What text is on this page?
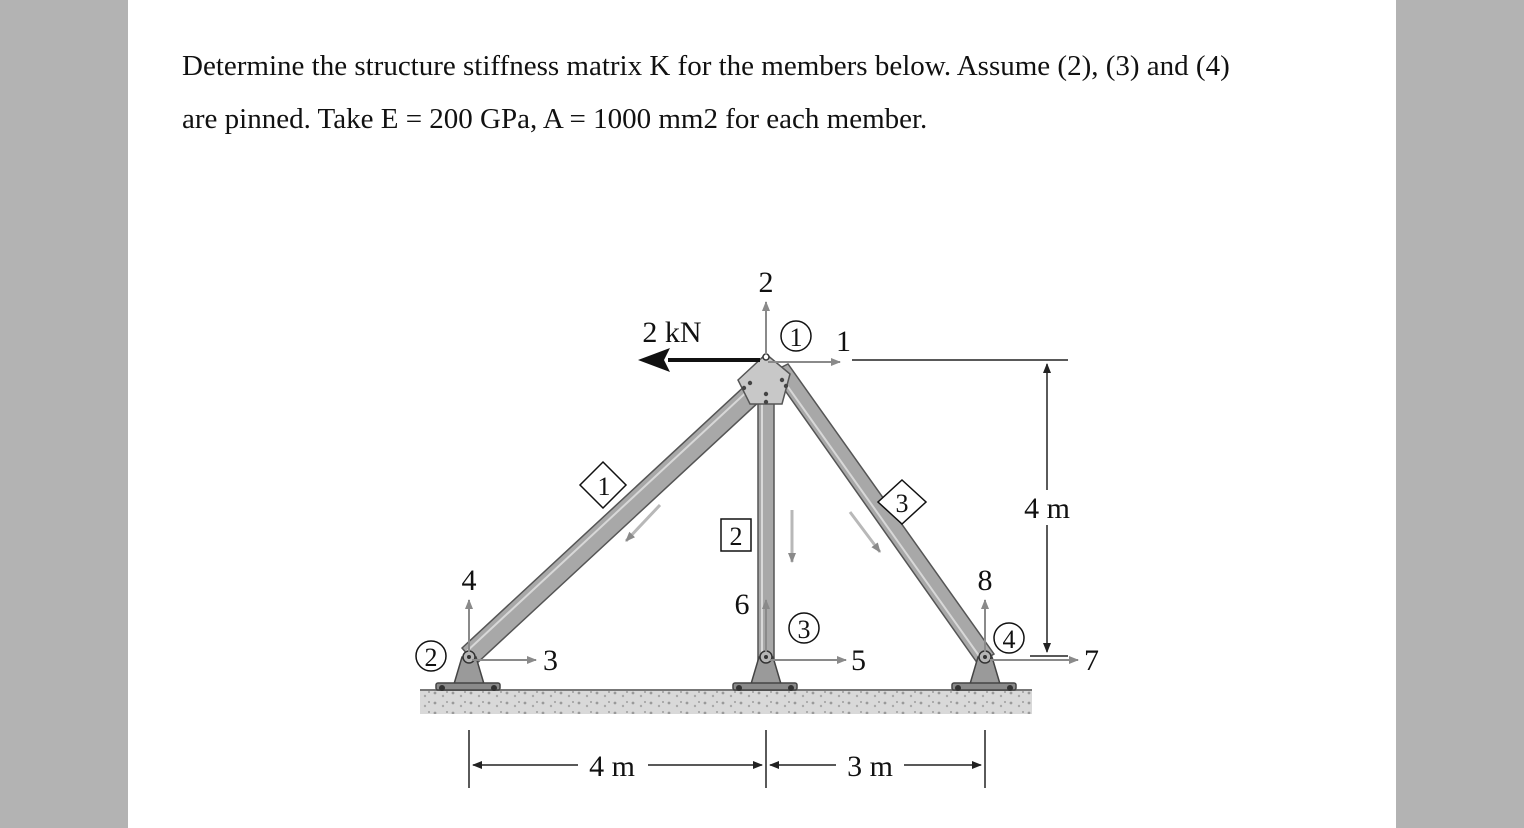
Determine the structure stiffness matrix K for the members below. Assume (2), (3) and (4)
are pinned. Take E = 200 GPa, A = 1000 mm2 for each member.

2 kN	1
2
3
4
5
6
7
8
1
2
3	4
1
2
3	4 m
4 m	3 m
